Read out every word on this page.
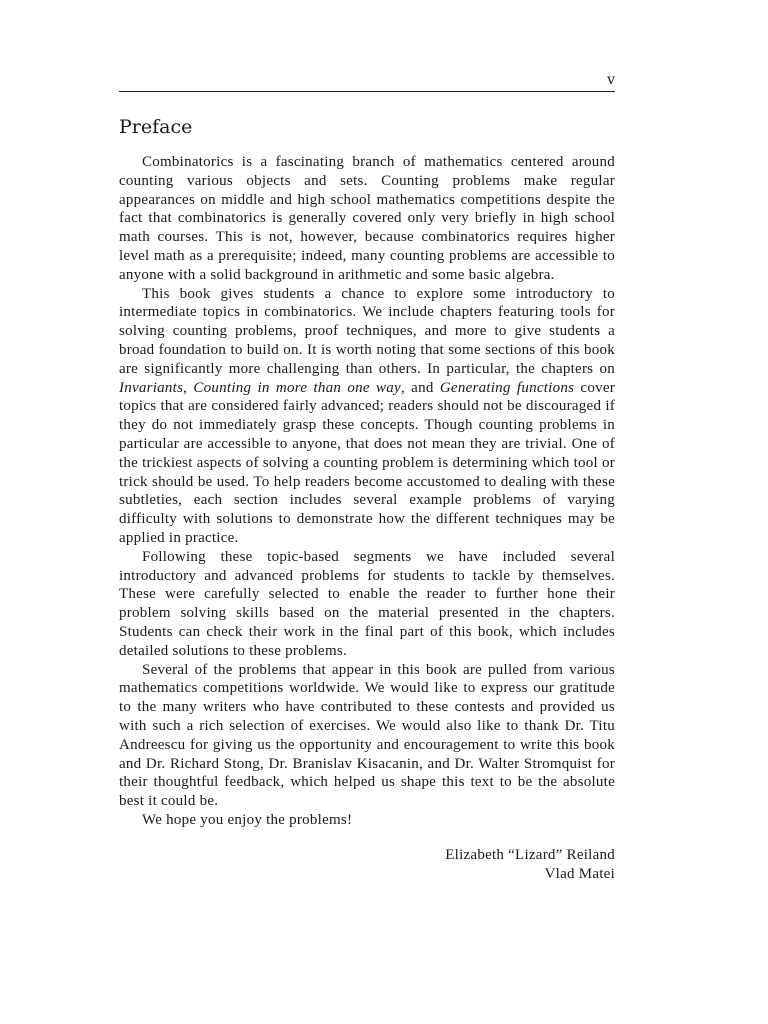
v
Preface

Combinatorics is a fascinating branch of mathematics centered around counting various objects and sets. Counting problems make regular appearances on middle and high school mathematics competitions despite the fact that combinatorics is generally covered only very briefly in high school math courses. This is not, however, because combinatorics requires higher level math as a prerequisite; indeed, many counting problems are accessible to anyone with a solid background in arithmetic and some basic algebra.

This book gives students a chance to explore some introductory to intermediate topics in combinatorics. We include chapters featuring tools for solving counting problems, proof techniques, and more to give students a broad foundation to build on. It is worth noting that some sections of this book are significantly more challenging than others. In particular, the chapters on Invariants, Counting in more than one way, and Generating functions cover topics that are considered fairly advanced; readers should not be discouraged if they do not immediately grasp these concepts. Though counting problems in particular are accessible to anyone, that does not mean they are trivial. One of the trickiest aspects of solving a counting problem is determining which tool or trick should be used. To help readers become accustomed to dealing with these subtleties, each section includes several example problems of varying difficulty with solutions to demonstrate how the different techniques may be applied in practice.

Following these topic-based segments we have included several introductory and advanced problems for students to tackle by themselves. These were carefully selected to enable the reader to further hone their problem solving skills based on the material presented in the chapters. Students can check their work in the final part of this book, which includes detailed solutions to these problems.

Several of the problems that appear in this book are pulled from various mathematics competitions worldwide. We would like to express our gratitude to the many writers who have contributed to these contests and provided us with such a rich selection of exercises. We would also like to thank Dr. Titu Andreescu for giving us the opportunity and encouragement to write this book and Dr. Richard Stong, Dr. Branislav Kisacanin, and Dr. Walter Stromquist for their thoughtful feedback, which helped us shape this text to be the absolute best it could be.

We hope you enjoy the problems!

Elizabeth “Lizard” Reiland
Vlad Matei
